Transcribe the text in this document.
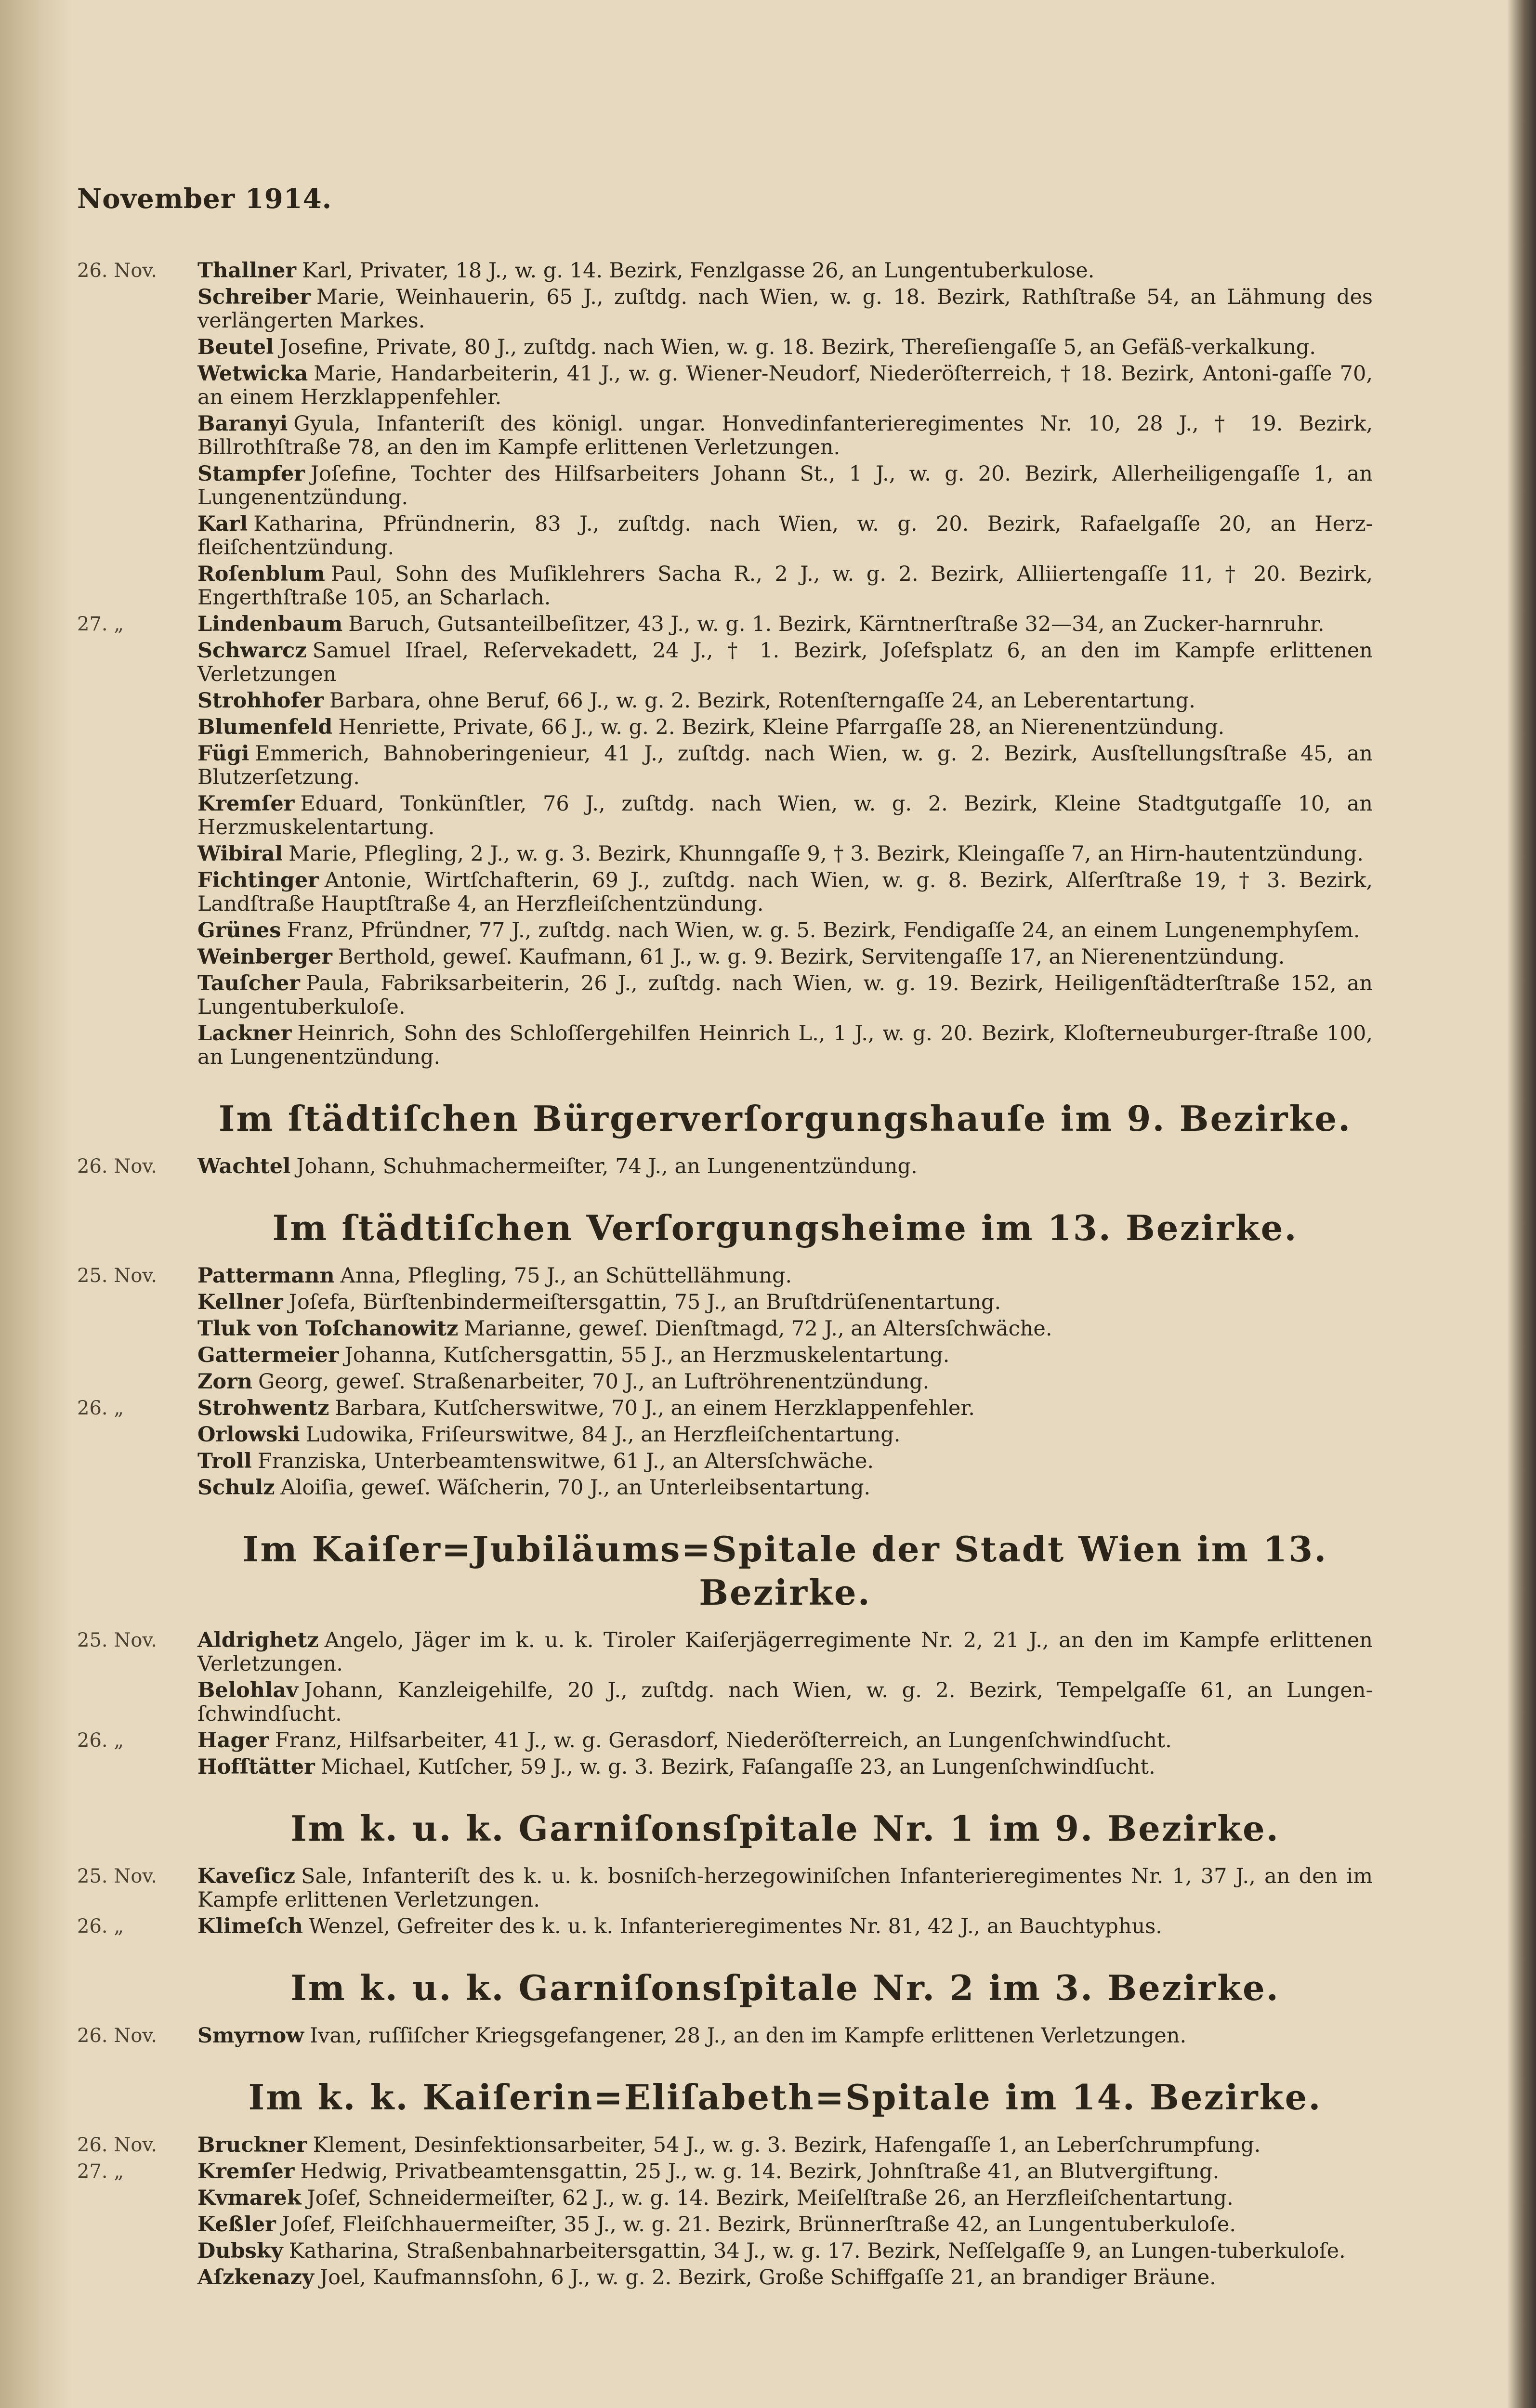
November 1914.
26. Nov.	Thallner Karl, Privater, 18 J., w. g. 14. Bezirk, Fenzlgasse 26, an Lungentuberkulose.
Schreiber Marie, Weinhauerin, 65 J., zuſtdg. nach Wien, w. g. 18. Bezirk, Rathſtraße 54, an Lähmung des verlängerten Markes.
Beutel Josefine, Private, 80 J., zuſtdg. nach Wien, w. g. 18. Bezirk, Thereſiengaſſe 5, an Gefäß-verkalkung.
Wetwicka Marie, Handarbeiterin, 41 J., w. g. Wiener-Neudorf, Niederöſterreich, † 18. Bezirk, Antoni-gaſſe 70, an einem Herzklappenfehler.
Baranyi Gyula, Infanteriſt des königl. ungar. Honvedinfanterieregimentes Nr. 10, 28 J., † 19. Bezirk, Billrothſtraße 78, an den im Kampfe erlittenen Verletzungen.
Stampfer Joſefine, Tochter des Hilfsarbeiters Johann St., 1 J., w. g. 20. Bezirk, Allerheiligengaſſe 1, an Lungenentzündung.
Karl Katharina, Pfründnerin, 83 J., zuſtdg. nach Wien, w. g. 20. Bezirk, Rafaelgaſſe 20, an Herz-fleiſchentzündung.
Roſenblum Paul, Sohn des Muſiklehrers Sacha R., 2 J., w. g. 2. Bezirk, Alliiertengaſſe 11, † 20. Bezirk, Engerthſtraße 105, an Scharlach.
27. „	Lindenbaum Baruch, Gutsanteilbeſitzer, 43 J., w. g. 1. Bezirk, Kärntnerſtraße 32—34, an Zucker-harnruhr.
Schwarcz Samuel Iſrael, Reſervekadett, 24 J., † 1. Bezirk, Joſefsplatz 6, an den im Kampfe erlittenen Verletzungen
Strohhofer Barbara, ohne Beruf, 66 J., w. g. 2. Bezirk, Rotenſterngaſſe 24, an Leberentartung.
Blumenfeld Henriette, Private, 66 J., w. g. 2. Bezirk, Kleine Pfarrgaſſe 28, an Nierenentzündung.
Fügi Emmerich, Bahnoberingenieur, 41 J., zuſtdg. nach Wien, w. g. 2. Bezirk, Ausſtellungsſtraße 45, an Blutzerſetzung.
Kremſer Eduard, Tonkünſtler, 76 J., zuſtdg. nach Wien, w. g. 2. Bezirk, Kleine Stadtgutgaſſe 10, an Herzmuskelentartung.
Wibiral Marie, Pflegling, 2 J., w. g. 3. Bezirk, Khunngaſſe 9, † 3. Bezirk, Kleingaſſe 7, an Hirn-hautentzündung.
Fichtinger Antonie, Wirtſchafterin, 69 J., zuſtdg. nach Wien, w. g. 8. Bezirk, Alſerſtraße 19, † 3. Bezirk, Landſtraße Hauptſtraße 4, an Herzfleiſchentzündung.
Grünes Franz, Pfründner, 77 J., zuſtdg. nach Wien, w. g. 5. Bezirk, Fendigaſſe 24, an einem Lungenemphyſem.
Weinberger Berthold, geweſ. Kaufmann, 61 J., w. g. 9. Bezirk, Servitengaſſe 17, an Nierenentzündung.
Tauſcher Paula, Fabriksarbeiterin, 26 J., zuſtdg. nach Wien, w. g. 19. Bezirk, Heiligenſtädterſtraße 152, an Lungentuberkuloſe.
Lackner Heinrich, Sohn des Schloſſergehilfen Heinrich L., 1 J., w. g. 20. Bezirk, Kloſterneuburger-ſtraße 100, an Lungenentzündung.
Im ſtädtiſchen Bürgerverſorgungshauſe im 9. Bezirke.
26. Nov.	Wachtel Johann, Schuhmachermeiſter, 74 J., an Lungenentzündung.
Im ſtädtiſchen Verſorgungsheime im 13. Bezirke.
25. Nov.	Pattermann Anna, Pflegling, 75 J., an Schüttellähmung.
Kellner Joſefa, Bürſtenbindermeiſtersgattin, 75 J., an Bruſtdrüſenentartung.
Tluk von Toſchanowitz Marianne, geweſ. Dienſtmagd, 72 J., an Altersſchwäche.
Gattermeier Johanna, Kutſchersgattin, 55 J., an Herzmuskelentartung.
Zorn Georg, geweſ. Straßenarbeiter, 70 J., an Luftröhrenentzündung.
26. „	Strohwentz Barbara, Kutſcherswitwe, 70 J., an einem Herzklappenfehler.
Orlowski Ludowika, Friſeurswitwe, 84 J., an Herzfleiſchentartung.
Troll Franziska, Unterbeamtenswitwe, 61 J., an Altersſchwäche.
Schulz Aloiſia, geweſ. Wäſcherin, 70 J., an Unterleibsentartung.
Im Kaiſer=Jubiläums=Spitale der Stadt Wien im 13. Bezirke.
25. Nov.	Aldrighetz Angelo, Jäger im k. u. k. Tiroler Kaiſerjägerregimente Nr. 2, 21 J., an den im Kampfe erlittenen Verletzungen.
Belohlav Johann, Kanzleigehilfe, 20 J., zuſtdg. nach Wien, w. g. 2. Bezirk, Tempelgaſſe 61, an Lungen-ſchwindſucht.
26. „	Hager Franz, Hilfsarbeiter, 41 J., w. g. Gerasdorf, Niederöſterreich, an Lungenſchwindſucht.
Hofſtätter Michael, Kutſcher, 59 J., w. g. 3. Bezirk, Faſangaſſe 23, an Lungenſchwindſucht.
Im k. u. k. Garniſonsſpitale Nr. 1 im 9. Bezirke.
25. Nov.	Kaveſicz Sale, Infanteriſt des k. u. k. bosniſch-herzegowiniſchen Infanterieregimentes Nr. 1, 37 J., an den im Kampfe erlittenen Verletzungen.
26. „	Klimeſch Wenzel, Gefreiter des k. u. k. Infanterieregimentes Nr. 81, 42 J., an Bauchtyphus.
Im k. u. k. Garniſonsſpitale Nr. 2 im 3. Bezirke.
26. Nov.	Smyrnow Ivan, ruſſiſcher Kriegsgefangener, 28 J., an den im Kampfe erlittenen Verletzungen.
Im k. k. Kaiſerin=Eliſabeth=Spitale im 14. Bezirke.
26. Nov.	Bruckner Klement, Desinfektionsarbeiter, 54 J., w. g. 3. Bezirk, Hafengaſſe 1, an Leberſchrumpfung.
27. „	Kremſer Hedwig, Privatbeamtensgattin, 25 J., w. g. 14. Bezirk, Johnſtraße 41, an Blutvergiftung.
Kvmarek Joſef, Schneidermeiſter, 62 J., w. g. 14. Bezirk, Meiſelſtraße 26, an Herzfleiſchentartung.
Keßler Joſef, Fleiſchhauermeiſter, 35 J., w. g. 21. Bezirk, Brünnerſtraße 42, an Lungentuberkuloſe.
Dubsky Katharina, Straßenbahnarbeitersgattin, 34 J., w. g. 17. Bezirk, Neſſelgaſſe 9, an Lungen-tuberkuloſe.
Aſzkenazy Joel, Kaufmannsſohn, 6 J., w. g. 2. Bezirk, Große Schiffgaſſe 21, an brandiger Bräune.
